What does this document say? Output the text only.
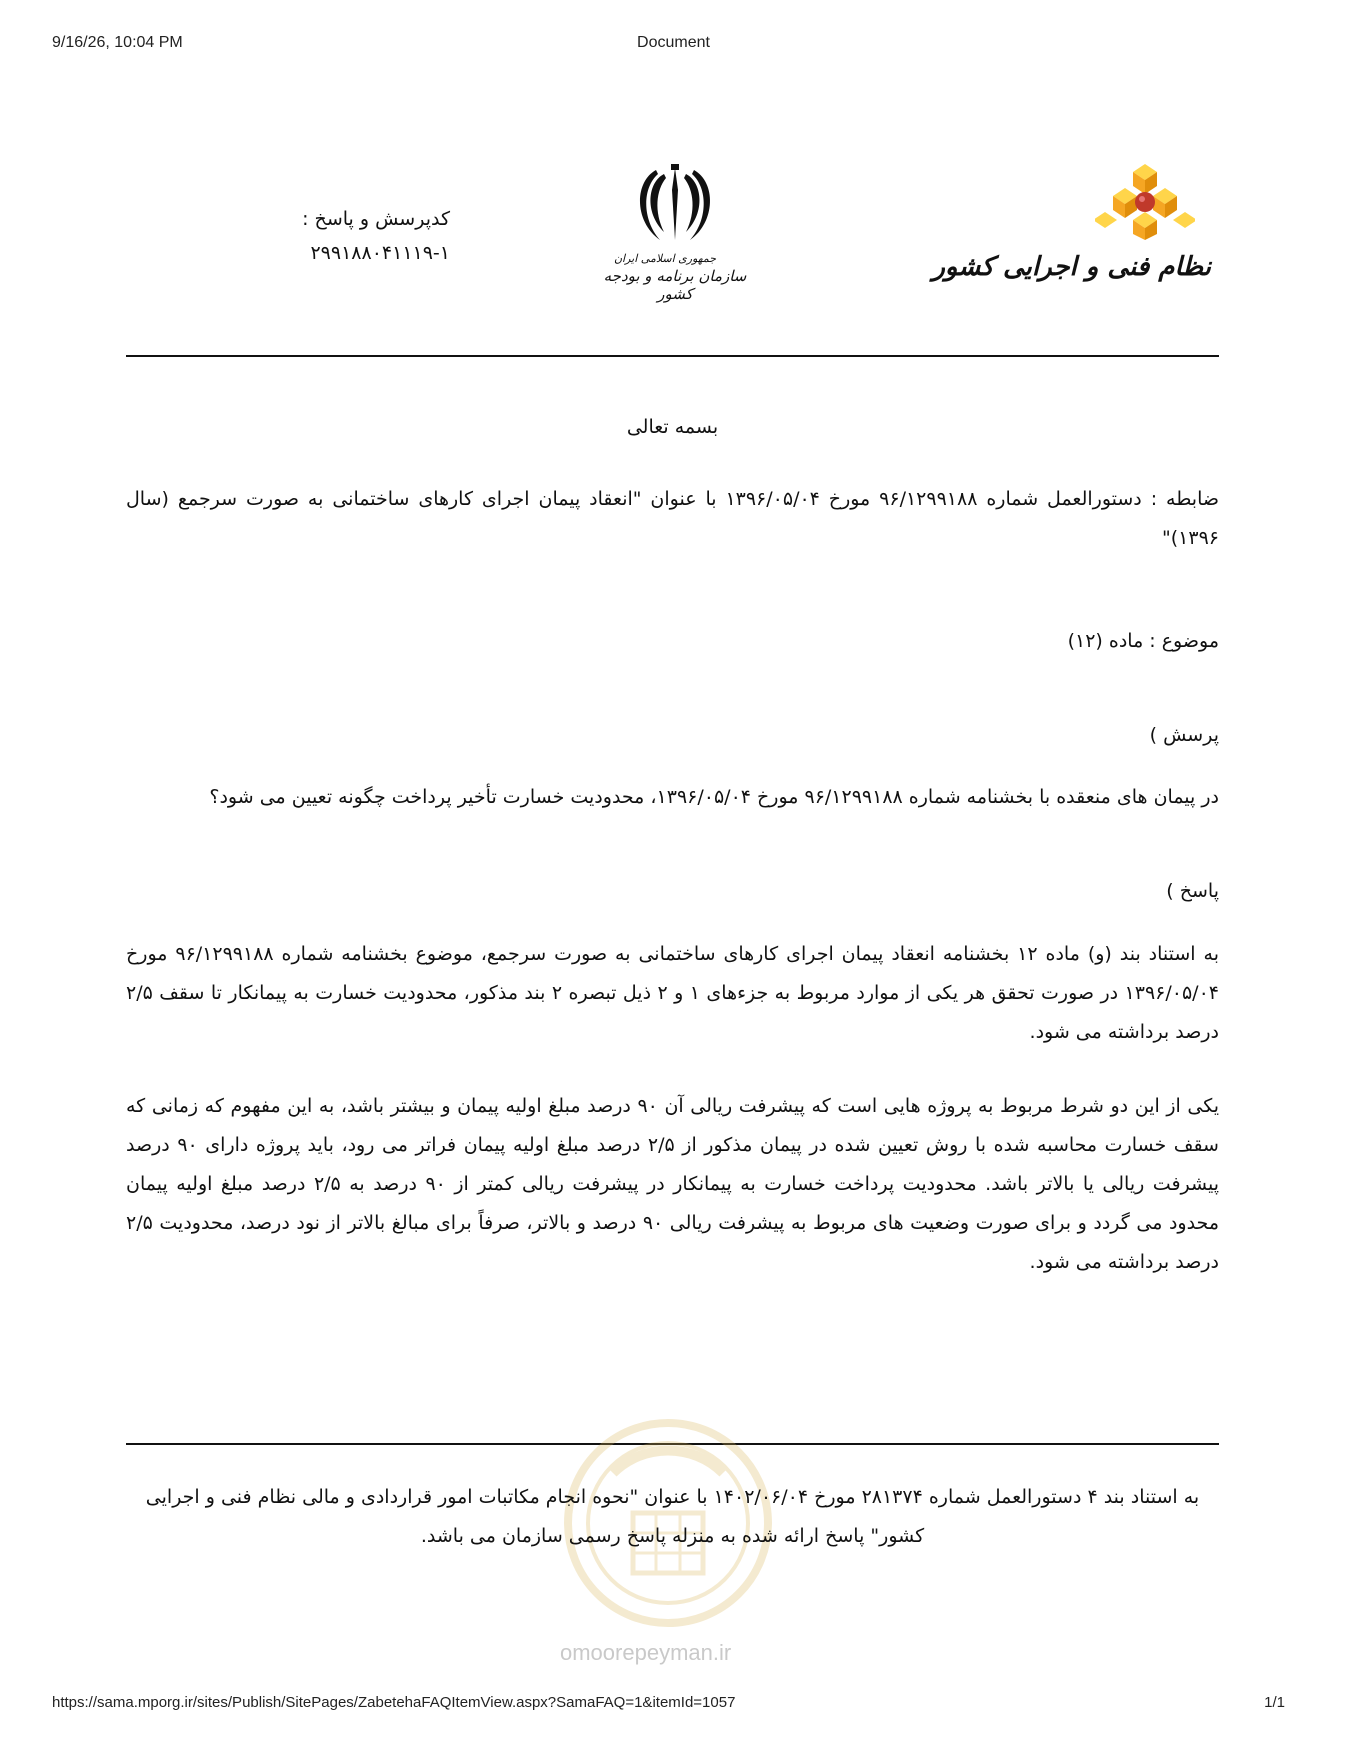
9/16/26, 10:04 PM	Document
نظام فنی و اجرایی کشور
جمهوری اسلامی ایران
سازمان برنامه و بودجه کشور
کدپرسش و پاسخ :
۲۹۹۱۸۸۰۴۱۱۱۹-۱
بسمه تعالی
ضابطه : دستورالعمل شماره ۹۶/۱۲۹۹۱۸۸ مورخ ۱۳۹۶/۰۵/۰۴ با عنوان "انعقاد پیمان اجرای کارهای ساختمانی به صورت سرجمع (سال ۱۳۹۶)"
موضوع : ماده (۱۲)
پرسش )
در پیمان های منعقده با بخشنامه شماره ۹۶/۱۲۹۹۱۸۸ مورخ ۱۳۹۶/۰۵/۰۴، محدودیت خسارت تأخیر پرداخت چگونه تعیین می شود؟
پاسخ )
به استناد بند (و) ماده ۱۲ بخشنامه انعقاد پیمان اجرای کارهای ساختمانی به صورت سرجمع، موضوع بخشنامه شماره ۹۶/۱۲۹۹۱۸۸ مورخ ۱۳۹۶/۰۵/۰۴ در صورت تحقق هر یکی از موارد مربوط به جزءهای ۱ و ۲ ذیل تبصره ۲ بند مذکور، محدودیت خسارت به پیمانکار تا سقف ۲/۵ درصد برداشته می شود.
یکی از این دو شرط مربوط به پروژه هایی است که پیشرفت ریالی آن ۹۰ درصد مبلغ اولیه پیمان و بیشتر باشد، به این مفهوم که زمانی که سقف خسارت محاسبه شده با روش تعیین شده در پیمان مذکور از ۲/۵ درصد مبلغ اولیه پیمان فراتر می رود، باید پروژه دارای ۹۰ درصد پیشرفت ریالی یا بالاتر باشد. محدودیت پرداخت خسارت به پیمانکار در پیشرفت ریالی کمتر از ۹۰ درصد به ۲/۵ درصد مبلغ اولیه پیمان محدود می گردد و برای صورت وضعیت های مربوط به پیشرفت ریالی ۹۰ درصد و بالاتر، صرفاً برای مبالغ بالاتر از نود درصد، محدودیت ۲/۵ درصد برداشته می شود.
omoorepeyman.ir
به استناد بند ۴ دستورالعمل شماره ۲۸۱۳۷۴ مورخ ۱۴۰۲/۰۶/۰۴ با عنوان "نحوه انجام مکاتبات امور قراردادی و مالی نظام فنی و اجرایی کشور" پاسخ ارائه شده به منزله پاسخ رسمی سازمان می باشد.
https://sama.mporg.ir/sites/Publish/SitePages/ZabetehaFAQItemView.aspx?SamaFAQ=1&itemId=1057	1/1
